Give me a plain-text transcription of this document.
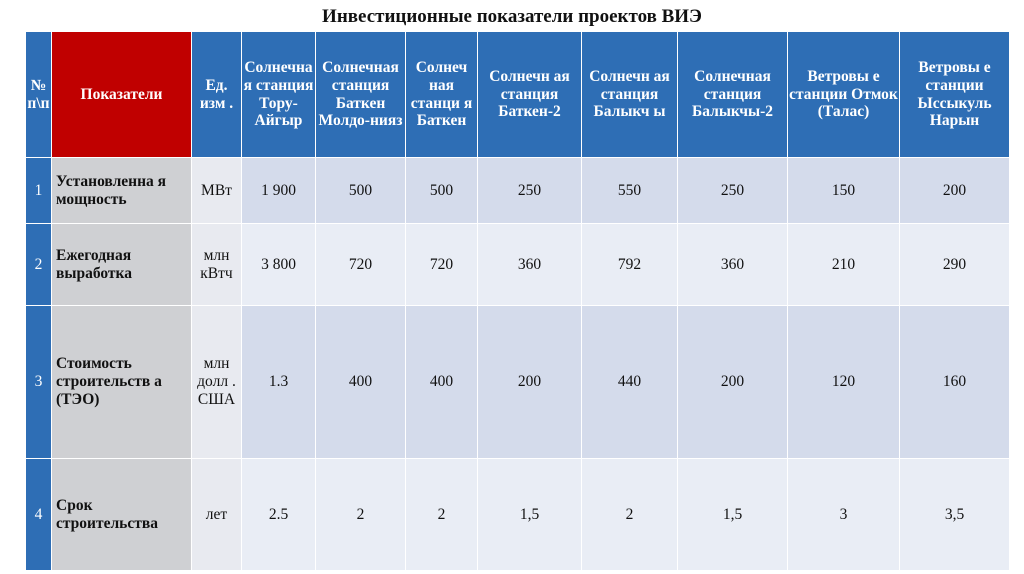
Инвестиционные показатели проектов ВИЭ
№ п\п	Показатели	Ед. изм .	Солнечна я станция Тору-Айгыр	Солнечная станция Баткен Молдо-нияз	Солнеч ная станци я Баткен	Солнечн ая станция Баткен-2	Солнечн ая станция Балыкч ы	Солнечная станция Балыкчы-2	Ветровы е станции Отмок (Талас)	Ветровы е станции Ыссыкуль Нарын
1	Установленна я мощность	МВт	1 900	500	500	250	550	250	150	200
2	Ежегодная выработка	млн кВтч	3 800	720	720	360	792	360	210	290
3	Стоимость строительств а (ТЭО)	млн долл . США	1.3	400	400	200	440	200	120	160
4	Срок строительства	лет	2.5	2	2	1,5	2	1,5	3	3,5
